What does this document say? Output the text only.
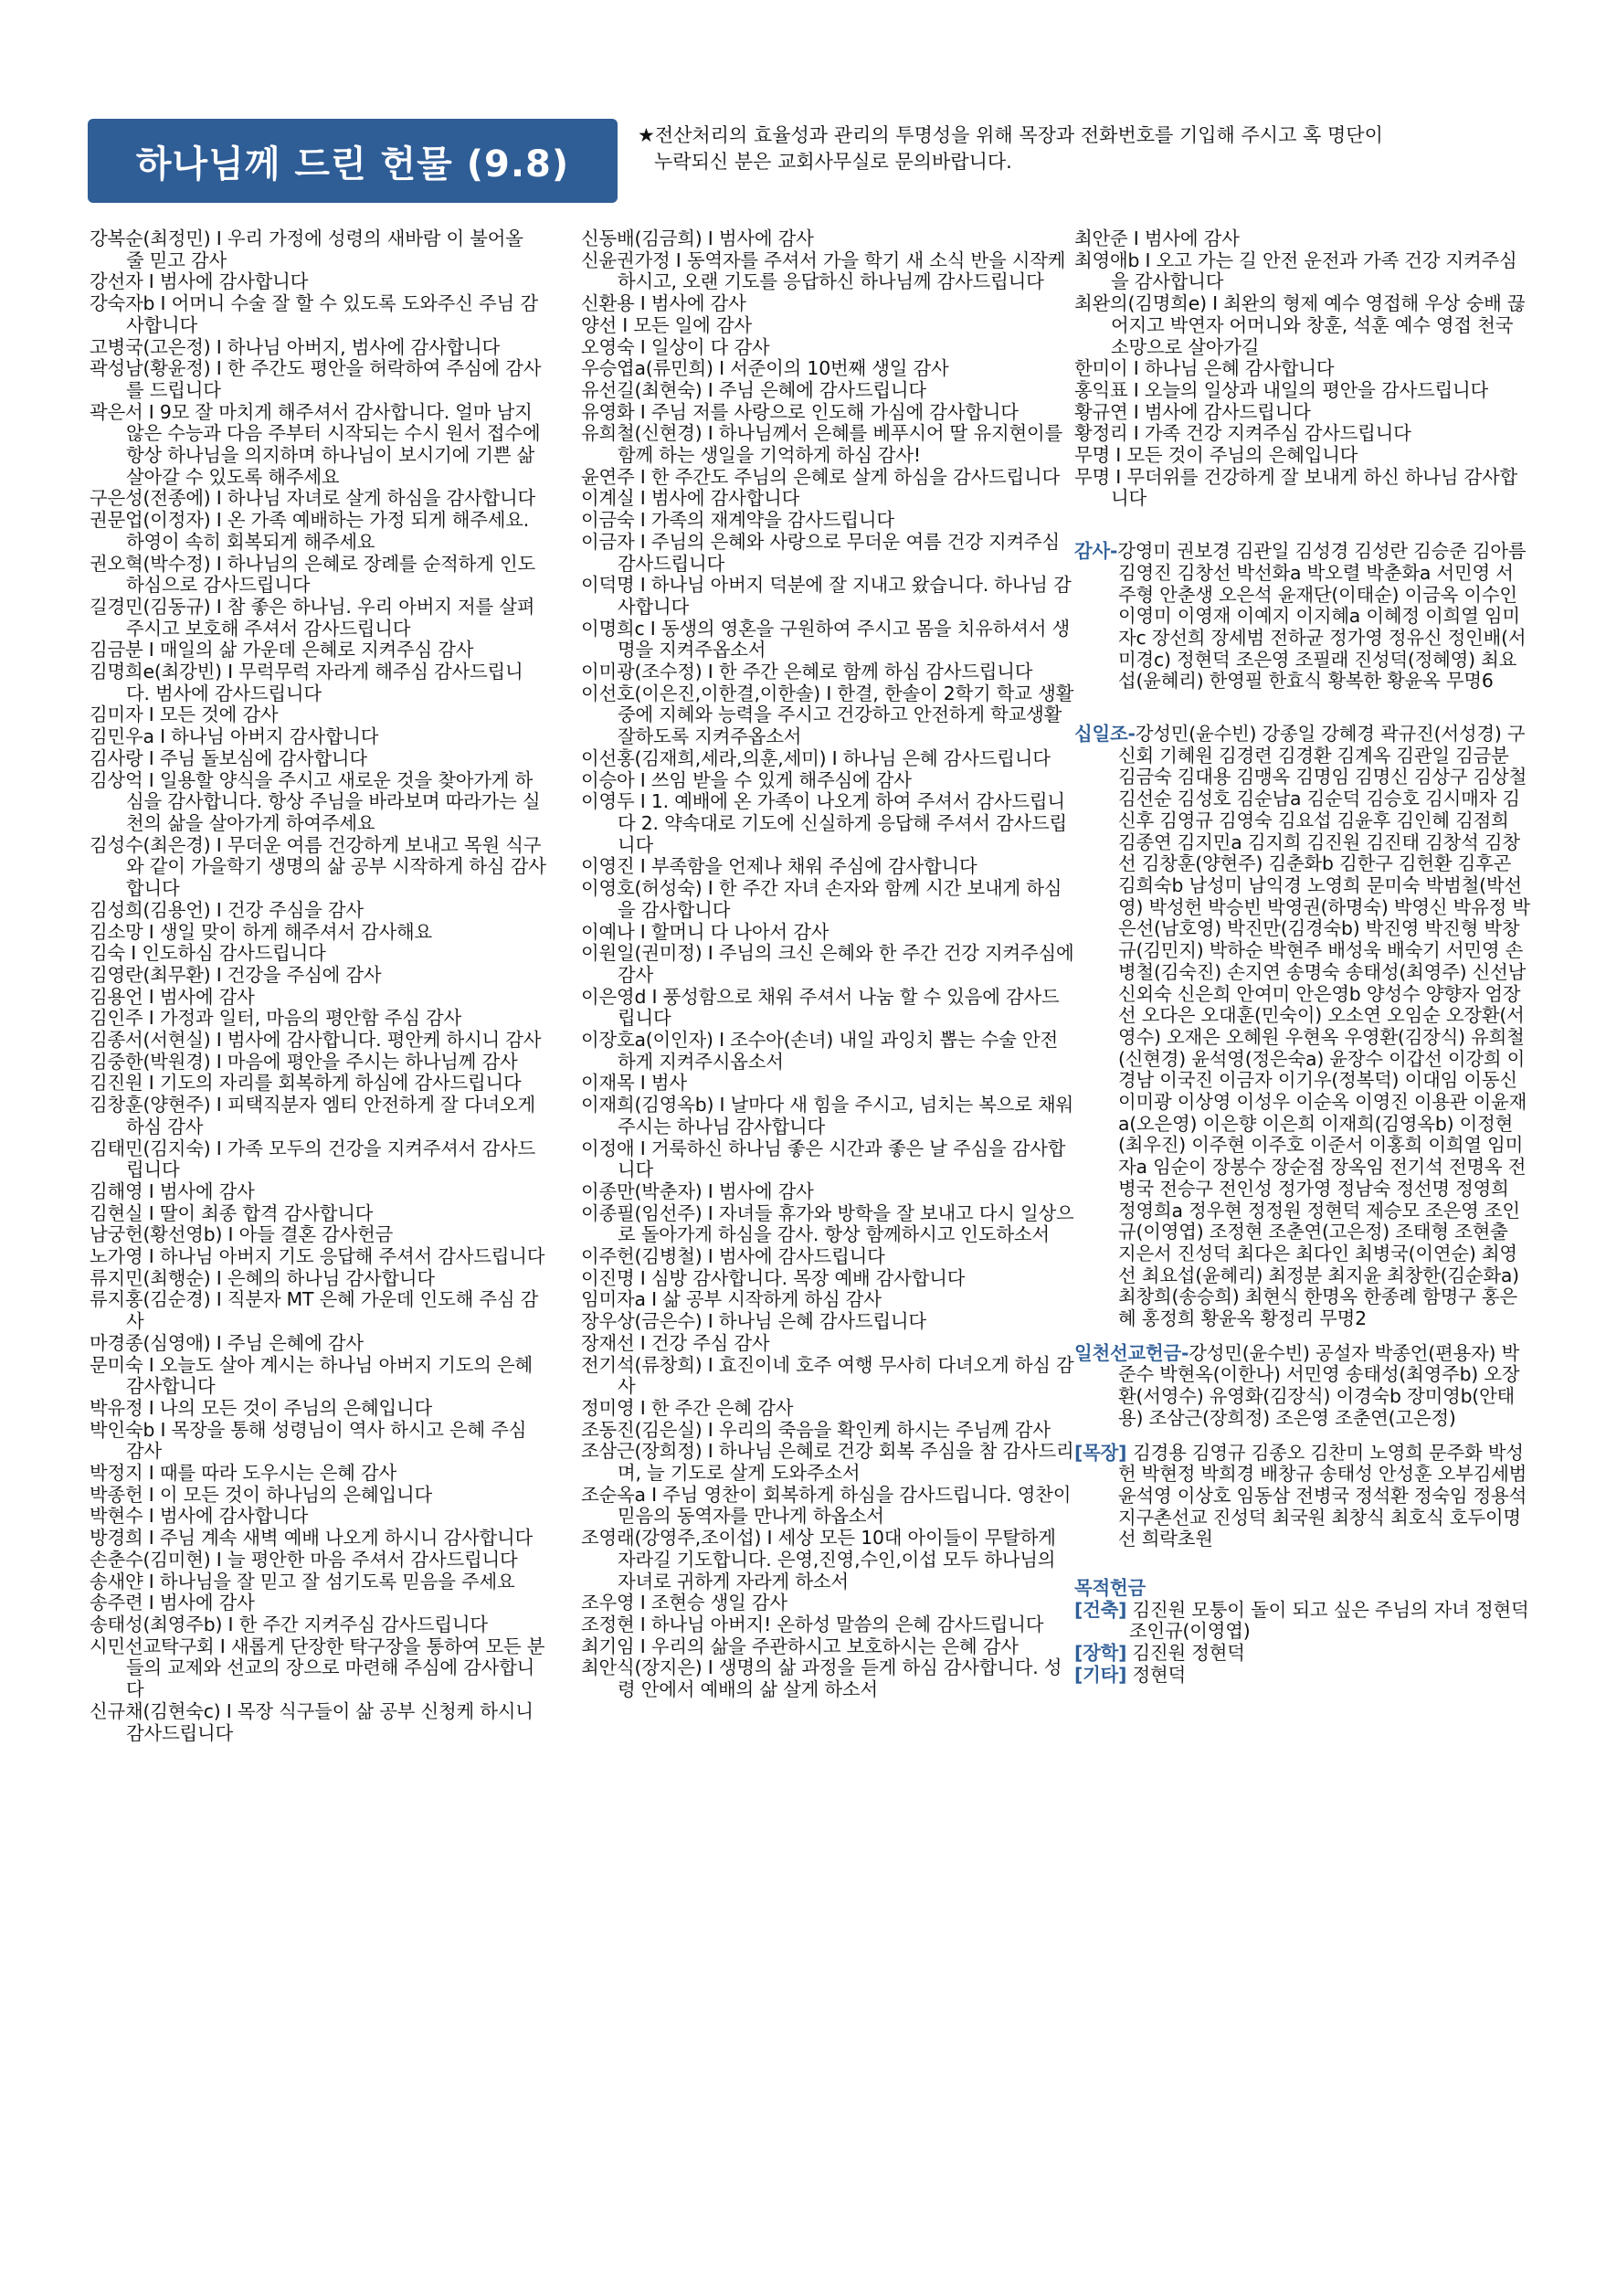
하나님께 드린 헌물 (9.8)
★전산처리의 효율성과 관리의 투명성을 위해 목장과 전화번호를 기입해 주시고 혹 명단이
누락되신 분은 교회사무실로 문의바랍니다.
강복순(최정민) I 우리 가정에 성령의 새바람 이 불어올 줄 믿고 감사
강선자 I 범사에 감사합니다
강숙자b I 어머니 수술 잘 할 수 있도록 도와주신 주님 감사합니다
고병국(고은정) I 하나님 아버지, 범사에 감사합니다
곽성남(황윤정) I 한 주간도 평안을 허락하여 주심에 감사를 드립니다
곽은서 I 9모 잘 마치게 해주셔서 감사합니다. 얼마 남지 않은 수능과 다음 주부터 시작되는 수시 원서 접수에 항상 하나님을 의지하며 하나님이 보시기에 기쁜 삶 살아갈 수 있도록 해주세요
구은성(전종에) I 하나님 자녀로 살게 하심을 감사합니다
권문업(이정자) I 온 가족 예배하는 가정 되게 해주세요. 하영이 속히 회복되게 해주세요
권오혁(박수정) I 하나님의 은혜로 장례를 순적하게 인도하심으로 감사드립니다
길경민(김동규) I 참 좋은 하나님. 우리 아버지 저를 살펴주시고 보호해 주셔서 감사드립니다
김금분 I 매일의 삶 가운데 은혜로 지켜주심 감사
김명희e(최강빈) I 무럭무럭 자라게 해주심 감사드립니다. 범사에 감사드립니다
김미자 I 모든 것에 감사
김민우a I 하나님 아버지 감사합니다
김사랑 I 주님 돌보심에 감사합니다
김상억 I 일용할 양식을 주시고 새로운 것을 찾아가게 하심을 감사합니다. 항상 주님을 바라보며 따라가는 실천의 삶을 살아가게 하여주세요
김성수(최은경) I 무더운 여름 건강하게 보내고 목원 식구와 같이 가을학기 생명의 삶 공부 시작하게 하심 감사합니다
김성희(김용언) I 건강 주심을 감사
김소망 I 생일 맞이 하게 해주셔서 감사해요
김숙 I 인도하심 감사드립니다
김영란(최무환) I 건강을 주심에 감사
김용언 I 범사에 감사
김인주 I 가정과 일터, 마음의 평안함 주심 감사
김종서(서현실) I 범사에 감사합니다. 평안케 하시니 감사
김중한(박원경) I 마음에 평안을 주시는 하나님께 감사
김진원 I 기도의 자리를 회복하게 하심에 감사드립니다
김창훈(양현주) I 피택직분자 엠티 안전하게 잘 다녀오게 하심 감사
김태민(김지숙) I 가족 모두의 건강을 지켜주셔서 감사드립니다
김해영 I 범사에 감사
김현실 I 딸이 최종 합격 감사합니다
남궁헌(황선영b) I 아들 결혼 감사헌금
노가영 I 하나님 아버지 기도 응답해 주셔서 감사드립니다
류지민(최행순) I 은혜의 하나님 감사합니다
류지홍(김순경) I 직분자 MT 은혜 가운데 인도해 주심 감사
마경종(심영애) I 주님 은혜에 감사
문미숙 I 오늘도 살아 계시는 하나님 아버지 기도의 은혜 감사합니다
박유정 I 나의 모든 것이 주님의 은혜입니다
박인숙b I 목장을 통해 성령님이 역사 하시고 은혜 주심 감사
박정지 I 때를 따라 도우시는 은혜 감사
박종헌 I 이 모든 것이 하나님의 은혜입니다
박현수 I 범사에 감사합니다
방경희 I 주님 계속 새벽 예배 나오게 하시니 감사합니다
손춘수(김미현) I 늘 평안한 마음 주셔서 감사드립니다
송새얀 I 하나님을 잘 믿고 잘 섬기도록 믿음을 주세요
송주련 I 범사에 감사
송태성(최영주b) I 한 주간 지켜주심 감사드립니다
시민선교탁구회 I 새롭게 단장한 탁구장을 통하여 모든 분들의 교제와 선교의 장으로 마련해 주심에 감사합니다
신규채(김현숙c) I 목장 식구들이 삶 공부 신청케 하시니 감사드립니다
신동배(김금희) I 범사에 감사
신윤권가정 I 동역자를 주셔서 가을 학기 새 소식 반을 시작케 하시고, 오랜 기도를 응답하신 하나님께 감사드립니다
신환용 I 범사에 감사
양선 I 모든 일에 감사
오영숙 I 일상이 다 감사
우승엽a(류민희) I 서준이의 10번째 생일 감사
유선길(최현숙) I 주님 은혜에 감사드립니다
유영화 I 주님 저를 사랑으로 인도해 가심에 감사합니다
유희철(신현경) I 하나님께서 은혜를 베푸시어 딸 유지현이를 함께 하는 생일을 기억하게 하심 감사!
윤연주 I 한 주간도 주님의 은혜로 살게 하심을 감사드립니다
이계실 I 범사에 감사합니다
이금숙 I 가족의 재계약을 감사드립니다
이금자 I 주님의 은혜와 사랑으로 무더운 여름 건강 지켜주심 감사드립니다
이덕명 I 하나님 아버지 덕분에 잘 지내고 왔습니다. 하나님 감사합니다
이명희c I 동생의 영혼을 구원하여 주시고 몸을 치유하셔서 생명을 지켜주옵소서
이미광(조수정) I 한 주간 은혜로 함께 하심 감사드립니다
이선호(이은진,이한결,이한솔) I 한결, 한솔이 2학기 학교 생활 중에 지혜와 능력을 주시고 건강하고 안전하게 학교생활 잘하도록 지켜주옵소서
이선홍(김재희,세라,의훈,세미) I 하나님 은혜 감사드립니다
이승아 I 쓰임 받을 수 있게 해주심에 감사
이영두 I 1. 예배에 온 가족이 나오게 하여 주셔서 감사드립니다 2. 약속대로 기도에 신실하게 응답해 주셔서 감사드립니다
이영진 I 부족함을 언제나 채워 주심에 감사합니다
이영호(허성숙) I 한 주간 자녀 손자와 함께 시간 보내게 하심을 감사합니다
이예나 I 할머니 다 나아서 감사
이원일(권미정) I 주님의 크신 은혜와 한 주간 건강 지켜주심에 감사
이은영d I 풍성함으로 채워 주셔서 나눔 할 수 있음에 감사드립니다
이장호a(이인자) I 조수아(손녀) 내일 과잉치 뽑는 수술 안전하게 지켜주시옵소서
이재목 I 범사
이재희(김영옥b) I 날마다 새 힘을 주시고, 넘치는 복으로 채워 주시는 하나님 감사합니다
이정애 I 거룩하신 하나님 좋은 시간과 좋은 날 주심을 감사합니다
이종만(박춘자) I 범사에 감사
이종필(임선주) I 자녀들 휴가와 방학을 잘 보내고 다시 일상으로 돌아가게 하심을 감사. 항상 함께하시고 인도하소서
이주헌(김병철) I 범사에 감사드립니다
이진명 I 심방 감사합니다. 목장 예배 감사합니다
임미자a I 삶 공부 시작하게 하심 감사
장우상(금은수) I 하나님 은혜 감사드립니다
장재선 I 건강 주심 감사
전기석(류창희) I 효진이네 호주 여행 무사히 다녀오게 하심 감사
정미영 I 한 주간 은혜 감사
조동진(김은실) I 우리의 죽음을 확인케 하시는 주님께 감사
조삼근(장희정) I 하나님 은혜로 건강 회복 주심을 참 감사드리며, 늘 기도로 살게 도와주소서
조순옥a I 주님 영찬이 회복하게 하심을 감사드립니다. 영찬이 믿음의 동역자를 만나게 하옵소서
조영래(강영주,조이섭) I 세상 모든 10대 아이들이 무탈하게 자라길 기도합니다. 은영,진영,수인,이섭 모두 하나님의 자녀로 귀하게 자라게 하소서
조우영 I 조현승 생일 감사
조정현 I 하나님 아버지! 온하성 말씀의 은혜 감사드립니다
최기임 I 우리의 삶을 주관하시고 보호하시는 은혜 감사
최안식(장지은) I 생명의 삶 과정을 듣게 하심 감사합니다. 성령 안에서 예배의 삶 살게 하소서
최안준 I 범사에 감사
최영애b I 오고 가는 길 안전 운전과 가족 건강 지켜주심을 감사합니다
최완의(김명희e) I 최완의 형제 예수 영접해 우상 숭배 끊어지고 박연자 어머니와 창훈, 석훈 예수 영접 천국 소망으로 살아가길
한미이 I 하나님 은혜 감사합니다
홍익표 I 오늘의 일상과 내일의 평안을 감사드립니다
황규연 I 범사에 감사드립니다
황정리 I 가족 건강 지켜주심 감사드립니다
무명 I 모든 것이 주님의 은혜입니다
무명 I 무더위를 건강하게 잘 보내게 하신 하나님 감사합니다
감사-강영미 권보경 김관일 김성경 김성란 김승준 김아름 김영진 김창선 박선화a 박오렬 박춘화a 서민영 서주형 안춘생 오은석 윤재단(이태순) 이금옥 이수인 이영미 이영재 이예지 이지혜a 이혜정 이희열 임미자c 장선희 장세범 전하균 정가영 정유신 정인배(서미경c) 정현덕 조은영 조필래 진성덕(정혜영) 최요섭(윤혜리) 한영필 한효식 황복한 황윤옥 무명6
십일조-강성민(윤수빈) 강종일 강혜경 곽규진(서성경) 구신회 기혜원 김경련 김경환 김계옥 김관일 김금분 김금숙 김대용 김맹옥 김명임 김명신 김상구 김상철 김선순 김성호 김순남a 김순덕 김승호 김시매자 김신후 김영규 김영숙 김요섭 김윤후 김인혜 김점희 김종연 김지민a 김지희 김진원 김진태 김창석 김창선 김창훈(양현주) 김춘화b 김한구 김헌환 김후곤 김희숙b 남성미 남익경 노영희 문미숙 박범철(박선영) 박성헌 박승빈 박영권(하명숙) 박영신 박유정 박은선(남호영) 박진만(김경숙b) 박진영 박진형 박창규(김민지) 박하순 박현주 배성욱 배숙기 서민영 손병철(김숙진) 손지연 송명숙 송태성(최영주) 신선남 신외숙 신은희 안여미 안은영b 양성수 양향자 엄장선 오다은 오대훈(민숙이) 오소연 오임순 오장환(서영수) 오재은 오혜원 우현옥 우영환(김장식) 유희철(신현경) 윤석영(정은숙a) 윤장수 이갑선 이강희 이경남 이국진 이금자 이기우(정복덕) 이대임 이동신 이미광 이상영 이성우 이순옥 이영진 이용관 이윤재a(오은영) 이은향 이은희 이재희(김영옥b) 이정현(최우진) 이주현 이주호 이준서 이홍희 이희열 임미자a 임순이 장봉수 장순점 장옥임 전기석 전명옥 전병국 전승구 전인성 정가영 정남숙 정선명 정영희 정영희a 정우현 정정원 정현덕 제승모 조은영 조인규(이영엽) 조정현 조춘연(고은정) 조태형 조현출 지은서 진성덕 최다은 최다인 최병국(이연순) 최영선 최요섭(윤혜리) 최정분 최지윤 최창한(김순화a) 최창희(송승희) 최현식 한명옥 한종례 함명구 홍은혜 홍정희 황윤옥 황정리 무명2
일천선교헌금-강성민(윤수빈) 공설자 박종언(편용자) 박준수 박현옥(이한나) 서민영 송태성(최영주b) 오장환(서영수) 유영화(김장식) 이경숙b 장미영b(안태용) 조삼근(장희정) 조은영 조춘연(고은정)
[목장] 김경용 김영규 김종오 김찬미 노영희 문주화 박성헌 박현정 박희경 배창규 송태성 안성훈 오부김세범 윤석영 이상호 임동삼 전병국 정석환 정숙임 정용석 지구촌선교 진성덕 최국원 최창식 최호식 호두이명선 희락초원
목적헌금
[건축] 김진원 모퉁이 돌이 되고 싶은 주님의 자녀 정현덕 조인규(이영엽)
[장학] 김진원 정현덕
[기타] 정현덕
